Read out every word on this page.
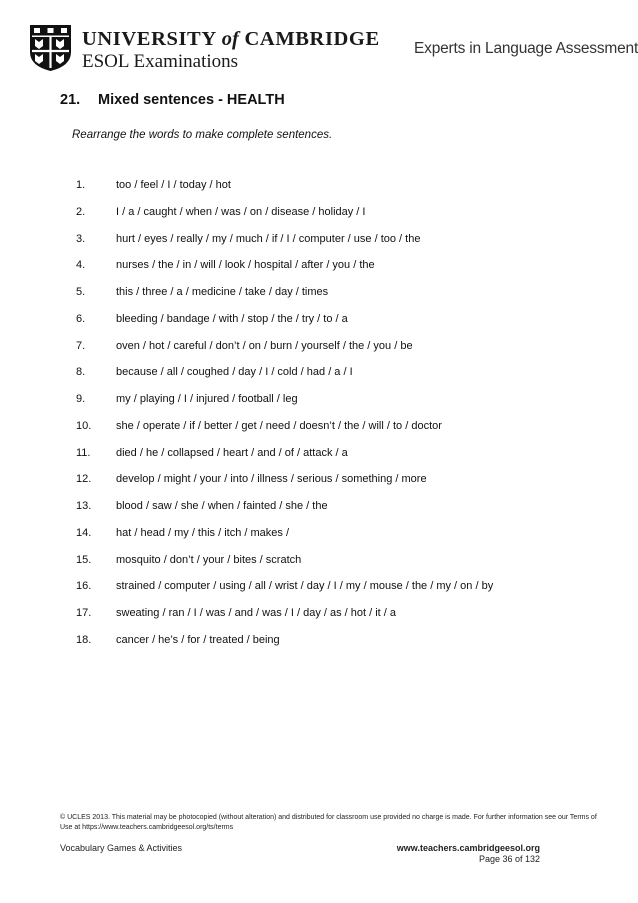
UNIVERSITY of CAMBRIDGE
ESOL Examinations
Experts in Language Assessment
21. Mixed sentences - HEALTH
Rearrange the words to make complete sentences.
1.	too / feel / I / today / hot
2.	I / a / caught / when / was / on / disease / holiday / I
3.	hurt / eyes / really / my / much / if / I / computer / use / too / the
4.	nurses / the / in / will / look / hospital / after / you / the
5.	this / three / a / medicine / take / day / times
6.	bleeding / bandage / with / stop / the / try / to / a
7.	oven / hot / careful / don’t / on / burn / yourself / the / you / be
8.	because / all / coughed / day / I / cold / had / a / I
9.	my / playing / I / injured / football / leg
10. she / operate / if / better / get / need / doesn’t / the / will / to / doctor
11. died / he / collapsed / heart / and / of / attack / a
12. develop / might / your / into / illness / serious / something / more
13. blood / saw / she / when / fainted / she / the
14. hat / head / my / this / itch / makes /
15. mosquito / don’t / your / bites / scratch
16. strained / computer / using / all / wrist / day / I / my / mouse / the / my / on / by
17. sweating / ran / I / was / and / was / I / day / as / hot / it / a
18. cancer / he’s / for / treated / being
© UCLES 2013. This material may be photocopied (without alteration) and distributed for classroom use provided no charge is made. For further information see our Terms of Use at https://www.teachers.cambridgeesol.org/ts/terms
Vocabulary Games & Activities	www.teachers.cambridgeesol.org
Page 36 of 132
